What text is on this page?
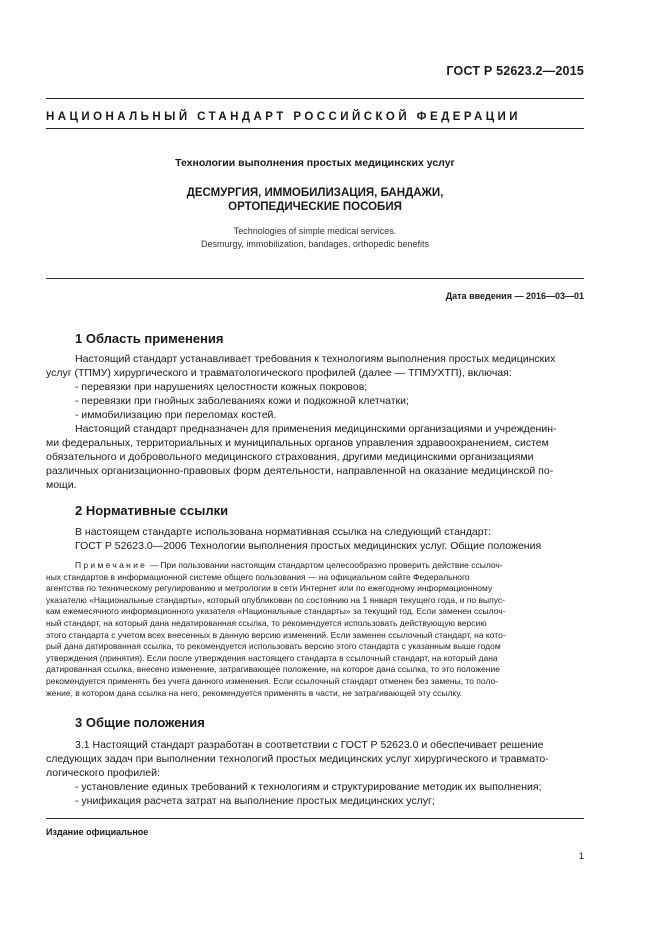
ГОСТ Р 52623.2—2015
НАЦИОНАЛЬНЫЙ СТАНДАРТ РОССИЙСКОЙ ФЕДЕРАЦИИ
Технологии выполнения простых медицинских услуг
ДЕСМУРГИЯ, ИММОБИЛИЗАЦИЯ, БАНДАЖИ,
ОРТОПЕДИЧЕСКИЕ ПОСОБИЯ
Technologies of simple medical services.
Desmurgy, immobilization, bandages, orthopedic benefits
Дата введения — 2016—03—01
1 Область применения
Настоящий стандарт устанавливает требования к технологиям выполнения простых медицинских
услуг (ТПМУ) хирургического и травматологического профилей (далее — ТПМУХТП), включая:
- перевязки при нарушениях целостности кожных покровов;
- перевязки при гнойных заболеваниях кожи и подкожной клетчатки;
- иммобилизацию при переломах костей.
Настоящий стандарт предназначен для применения медицинскими организациями и учрежденин-
ми федеральных, территориальных и муниципальных органов управления здравоохранением, систем
обязательного и добровольного медицинского страхования, другими медицинскими организациями
различных организационно-правовых форм деятельности, направленной на оказание медицинской по-
мощи.
2 Нормативные ссылки
В настоящем стандарте использована нормативная ссылка на следующий стандарт:
ГОСТ Р 52623.0—2006 Технологии выполнения простых медицинских услуг. Общие положения
Примечание — При пользовании настоящим стандартом целесообразно проверить действие ссылоч-
ных стандартов в информационной системе общего пользования — на официальном сайте Федерального
агентства по техническому регулированию и метрологии в сети Интернет или по ежегодному информационному
указателю «Национальные стандарты», который опубликован по состоянию на 1 января текущего года, и по выпус-
кам ежемесячного информационного указателя «Национальные стандарты» за текущий год. Если заменен ссылоч-
ный стандарт, на который дана недатированная ссылка, то рекомендуется использовать действующую версию
этого стандарта с учетом всех внесенных в данную версию изменений. Если заменен ссылочный стандарт, на кото-
рый дана датированная ссылка, то рекомендуется использовать версию этого стандарта с указанным выше годом
утверждения (принятия). Если после утверждения настоящего стандарта в ссылочный стандарт, на который дана
датированная ссылка, внесено изменение, затрагивающее положение, на которое дана ссылка, то это положение
рекомендуется применять без учета данного изменения. Если ссылочный стандарт отменен без замены, то поло-
жение, в котором дана ссылка на него, рекомендуется применять в части, не затрагивающей эту ссылку.
3 Общие положения
3.1 Настоящий стандарт разработан в соответствии с ГОСТ Р 52623.0 и обеспечивает решение
следующих задач при выполнении технологий простых медицинских услуг хирургического и травмато-
логического профилей:
- установление единых требований к технологиям и структурирование методик их выполнения;
- унификация расчета затрат на выполнение простых медицинских услуг;
Издание официальное
1
